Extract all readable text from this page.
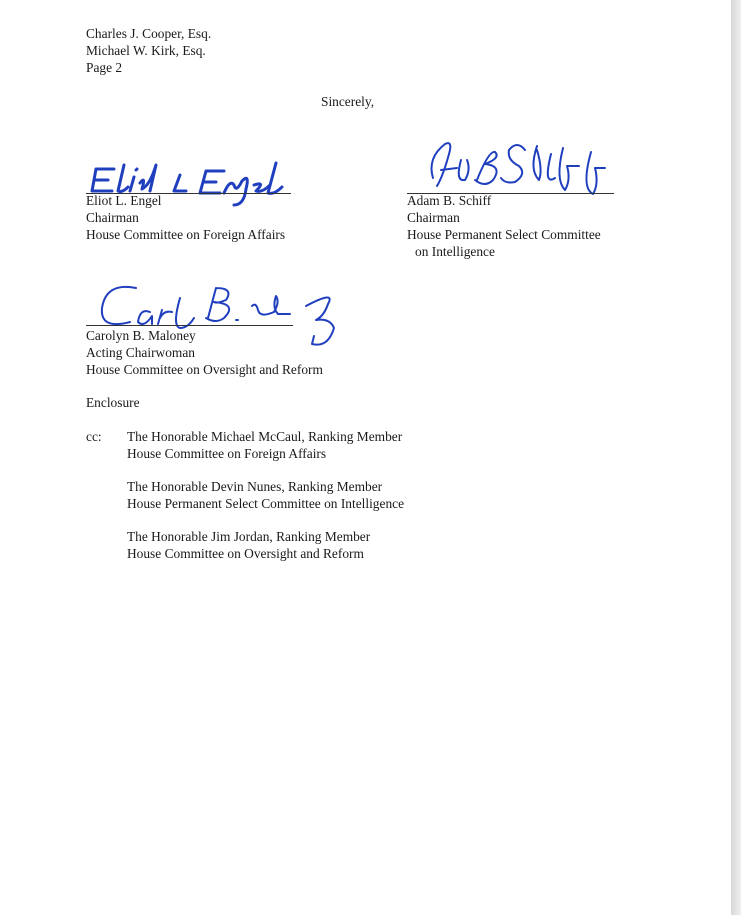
Charles J. Cooper, Esq.
Michael W. Kirk, Esq.
Page 2
Sincerely,
Eliot L. Engel
Chairman
House Committee on Foreign Affairs
Adam B. Schiff
Chairman
House Permanent Select Committee
on Intelligence
Carolyn B. Maloney
Acting Chairwoman
House Committee on Oversight and Reform
Enclosure
cc: The Honorable Michael McCaul, Ranking Member
House Committee on Foreign Affairs
The Honorable Devin Nunes, Ranking Member
House Permanent Select Committee on Intelligence
The Honorable Jim Jordan, Ranking Member
House Committee on Oversight and Reform
